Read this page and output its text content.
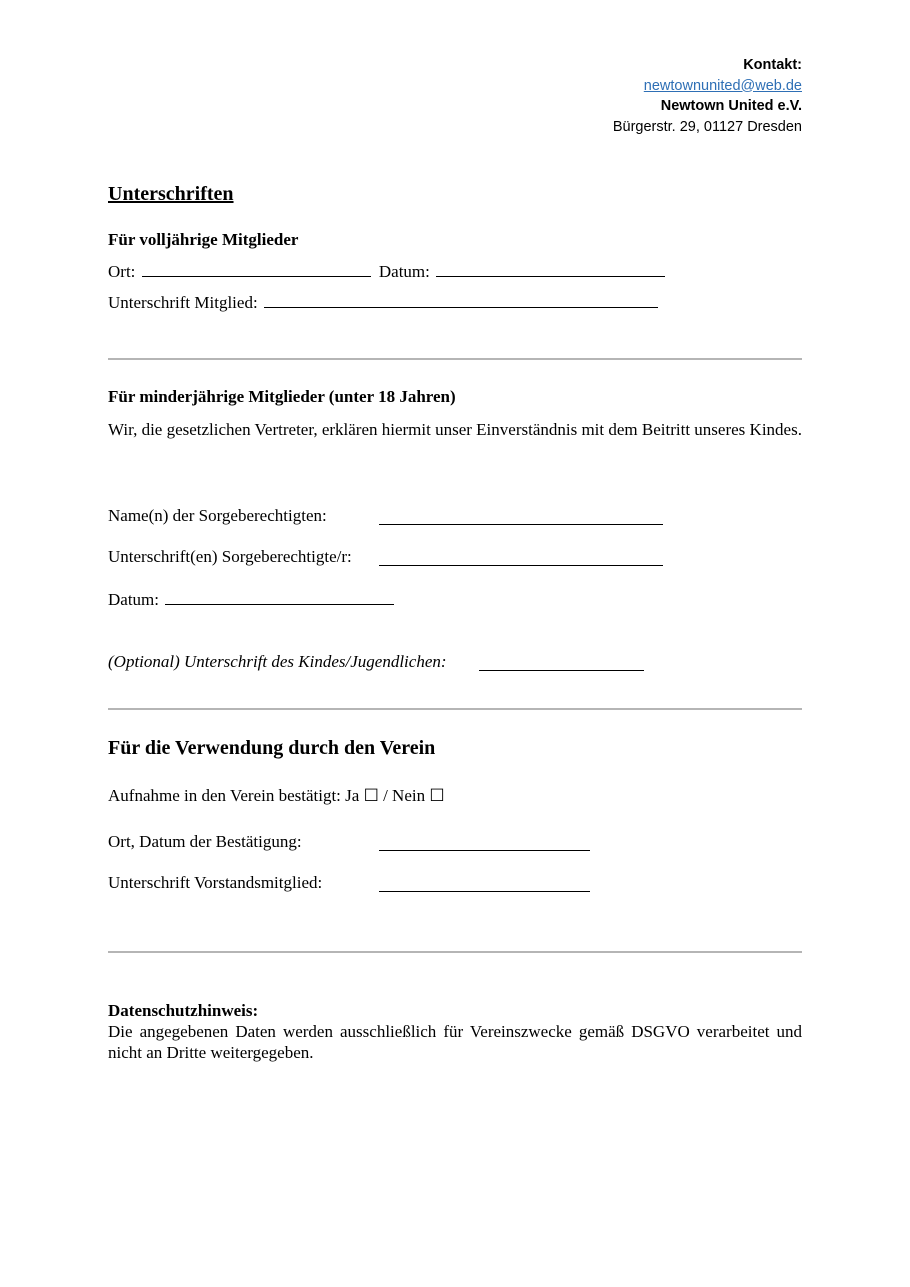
Kontakt:
newtownunited@web.de
Newtown United e.V.
Bürgerstr. 29, 01127 Dresden
Unterschriften
Für volljährige Mitglieder
Ort:	Datum:
Unterschrift Mitglied:
Für minderjährige Mitglieder (unter 18 Jahren)
Wir, die gesetzlichen Vertreter, erklären hiermit unser Einverständnis mit dem Beitritt unseres Kindes.
Name(n) der Sorgeberechtigten:
Unterschrift(en) Sorgeberechtigte/r:
Datum:
(Optional) Unterschrift des Kindes/Jugendlichen:
Für die Verwendung durch den Verein
Aufnahme in den Verein bestätigt: Ja ☐ / Nein ☐
Ort, Datum der Bestätigung:
Unterschrift Vorstandsmitglied:
Datenschutzhinweis:
Die angegebenen Daten werden ausschließlich für Vereinszwecke gemäß DSGVO verarbeitet und nicht an Dritte weitergegeben.
